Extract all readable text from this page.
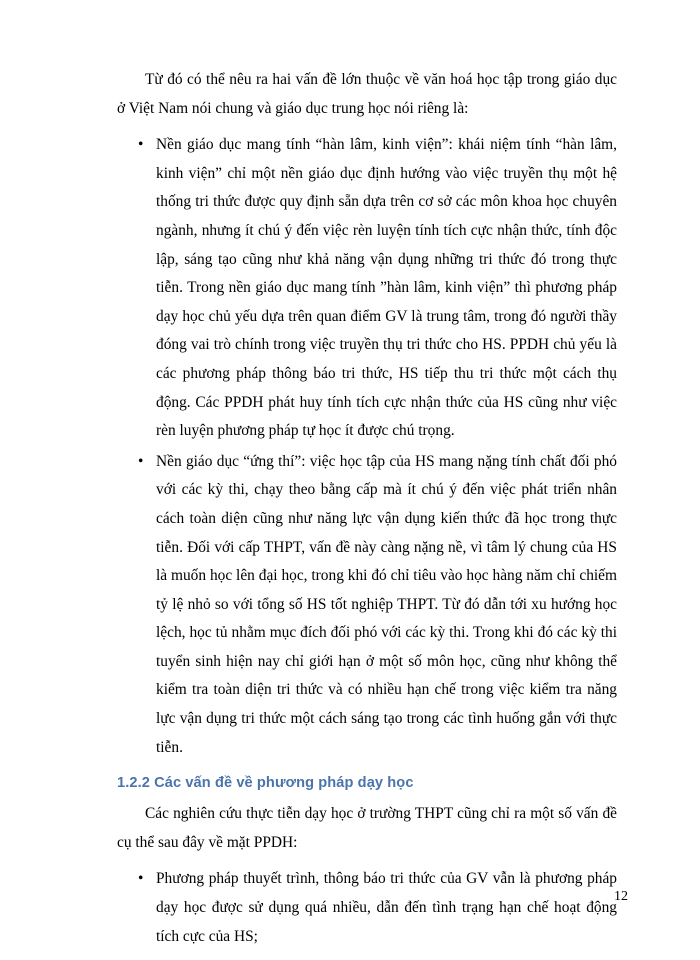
Từ đó có thể nêu ra hai vấn đề lớn thuộc về văn hoá học tập trong giáo dục ở Việt Nam nói chung và giáo dục trung học nói riêng là:

• Nền giáo dục mang tính “hàn lâm, kinh viện”: khái niệm tính “hàn lâm, kinh viện” chỉ một nền giáo dục định hướng vào việc truyền thụ một hệ thống tri thức được quy định sẵn dựa trên cơ sở các môn khoa học chuyên ngành, nhưng ít chú ý đến việc rèn luyện tính tích cực nhận thức, tính độc lập, sáng tạo cũng như khả năng vận dụng những tri thức đó trong thực tiễn. Trong nền giáo dục mang tính ”hàn lâm, kinh viện” thì phương pháp dạy học chủ yếu dựa trên quan điểm GV là trung tâm, trong đó người thầy đóng vai trò chính trong việc truyền thụ tri thức cho HS. PPDH chủ yếu là các phương pháp thông báo tri thức, HS tiếp thu tri thức một cách thụ động. Các PPDH phát huy tính tích cực nhận thức của HS cũng như việc rèn luyện phương pháp tự học ít được chú trọng.
• Nền giáo dục “ứng thí”: việc học tập của HS mang nặng tính chất đối phó với các kỳ thi, chạy theo bằng cấp mà ít chú ý đến việc phát triển nhân cách toàn diện cũng như năng lực vận dụng kiến thức đã học trong thực tiễn. Đối với cấp THPT, vấn đề này càng nặng nề, vì tâm lý chung của HS là muốn học lên đại học, trong khi đó chỉ tiêu vào học hàng năm chỉ chiếm tỷ lệ nhỏ so với tổng số HS tốt nghiệp THPT. Từ đó dẫn tới xu hướng học lệch, học tủ nhằm mục đích đối phó với các kỳ thi. Trong khi đó các kỳ thi tuyển sinh hiện nay chỉ giới hạn ở một số môn học, cũng như không thể kiểm tra toàn diện tri thức và có nhiều hạn chế trong việc kiểm tra năng lực vận dụng tri thức một cách sáng tạo trong các tình huống gắn với thực tiễn.
1.2.2 Các vấn đề về phương pháp dạy học

Các nghiên cứu thực tiễn dạy học ở trường THPT cũng chỉ ra một số vấn đề cụ thể sau đây về mặt PPDH:

• Phương pháp thuyết trình, thông báo tri thức của GV vẫn là phương pháp dạy học được sử dụng quá nhiều, dẫn đến tình trạng hạn chế hoạt động tích cực của HS;
12
